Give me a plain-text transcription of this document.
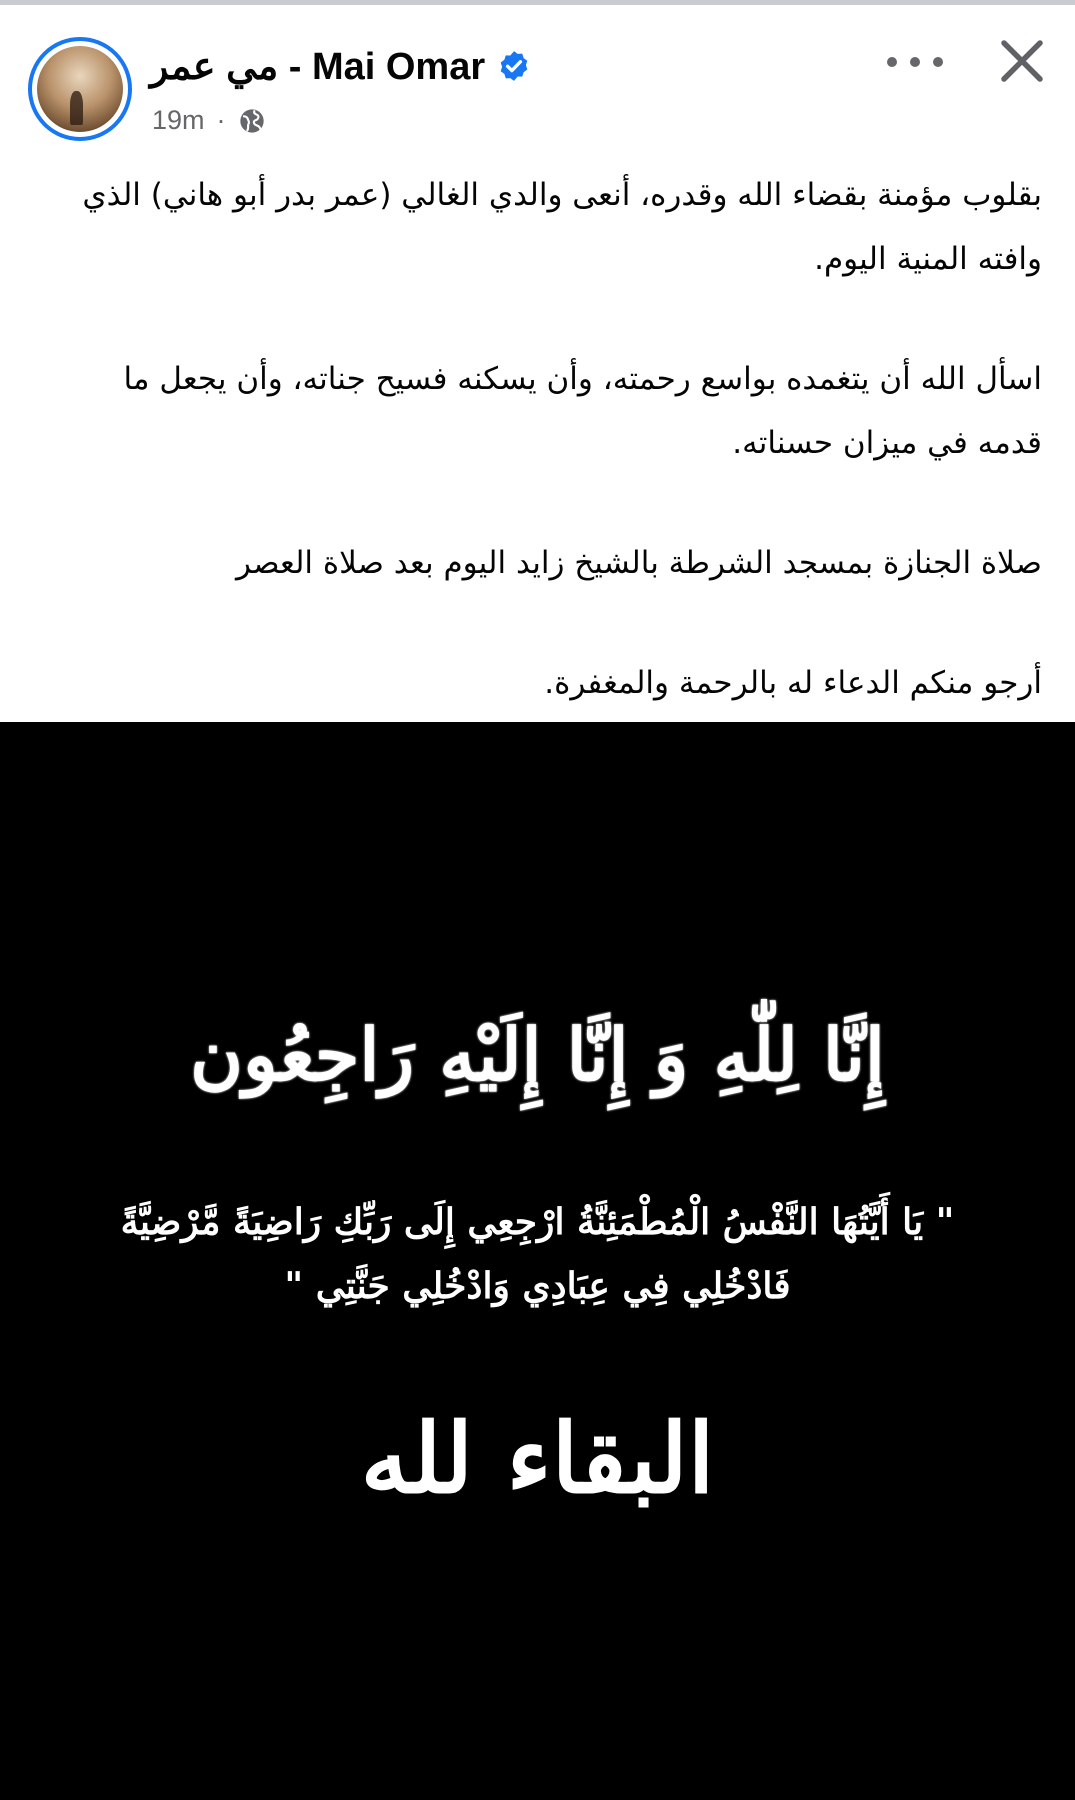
مي عمر - Mai Omar
19m ·

بقلوب مؤمنة بقضاء الله وقدره، أنعى والدي الغالي (عمر بدر أبو هاني) الذي وافته المنية اليوم.

اسأل الله أن يتغمده بواسع رحمته، وأن يسكنه فسيح جناته، وأن يجعل ما قدمه في ميزان حسناته.

صلاة الجنازة بمسجد الشرطة بالشيخ زايد اليوم بعد صلاة العصر

أرجو منكم الدعاء له بالرحمة والمغفرة.

إِنَّا لِلّٰهِ وَ إِنَّا إِلَيْهِ رَاجِعُون
" يَا أَيَّتُهَا النَّفْسُ الْمُطْمَئِنَّةُ ارْجِعِي إِلَى رَبِّكِ رَاضِيَةً مَّرْضِيَّةً
فَادْخُلِي فِي عِبَادِي وَادْخُلِي جَنَّتِي "
البقاء لله
